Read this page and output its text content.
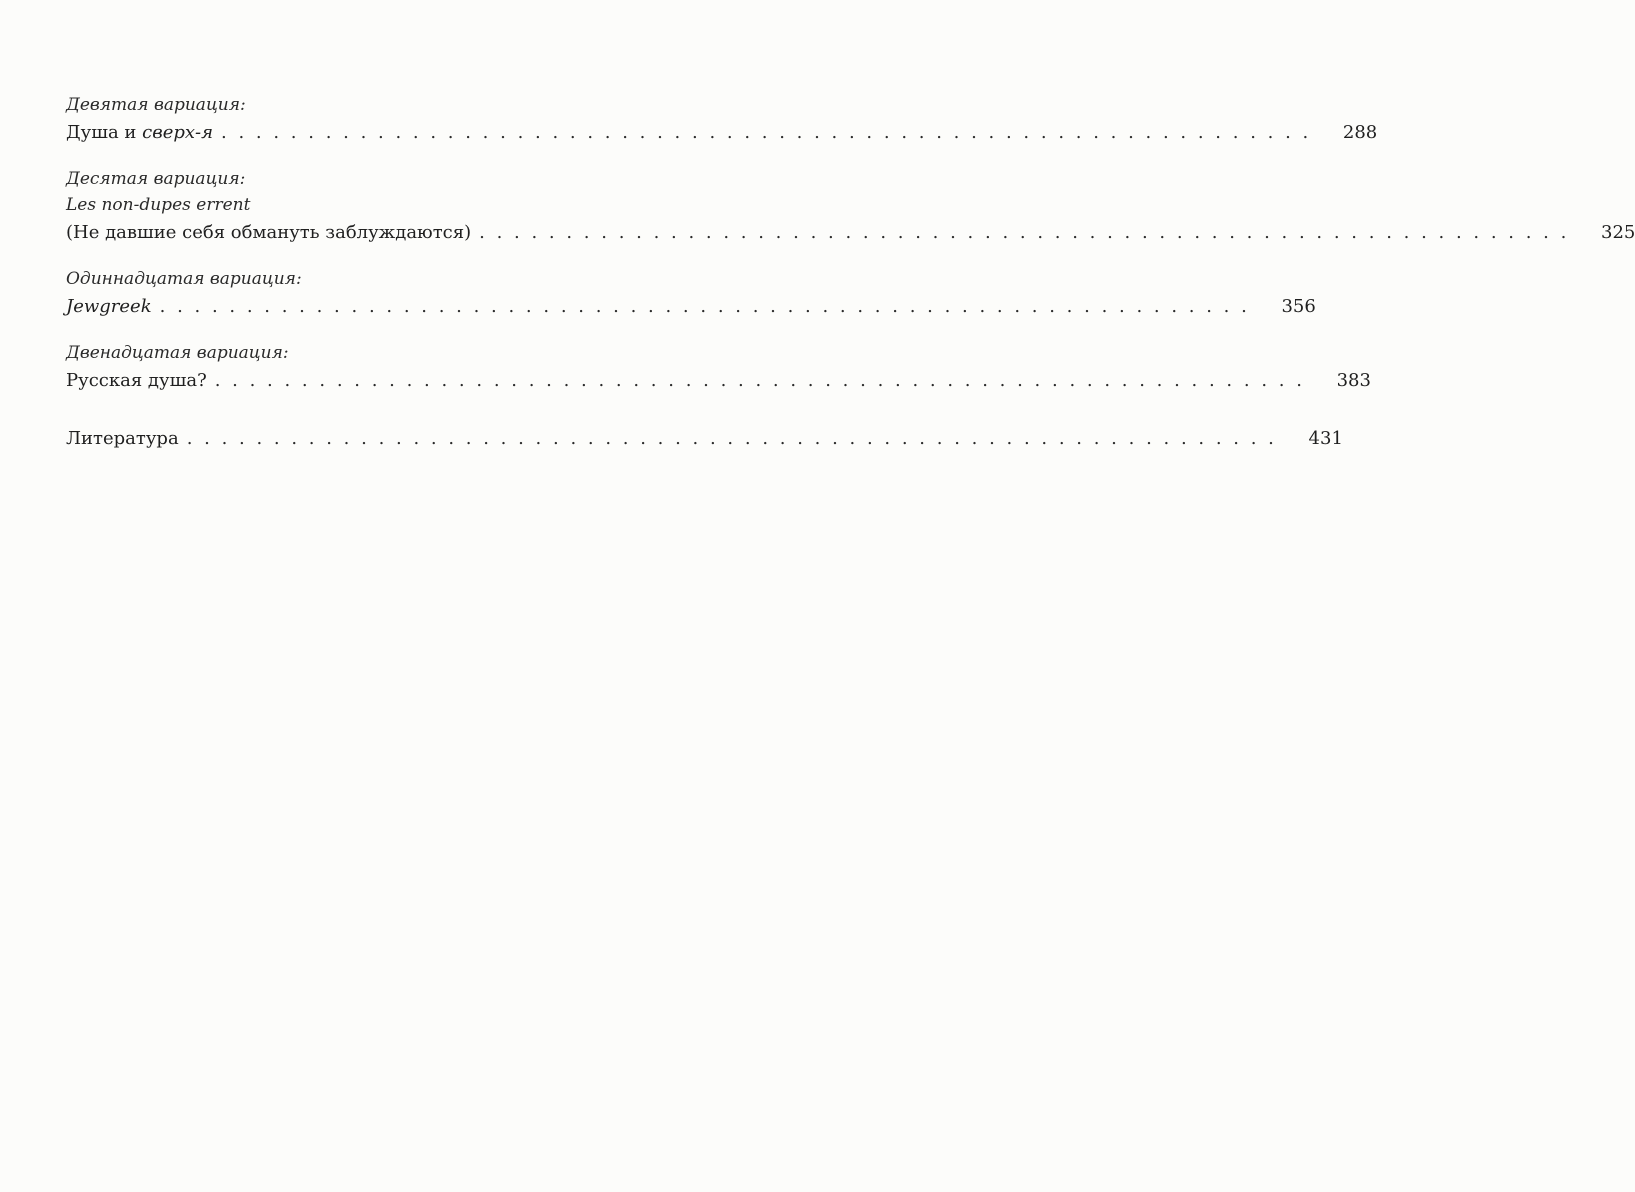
Девятая вариация:
Душа и сверх-я . . . . . . . . . . . . . . . . . . . . . . . . . . . . . . . . . . . . . . . . . . . . . . . . . . . . . . . . . . . . . . .	288
Десятая вариация:
Les non-dupes errent
(Не давшие себя обмануть заблуждаются) . . . . . . . . . . . . . . . . . . . . . . . . . . . . . . . . . . . . . . . . . . . . . . . . . . . . . . . . . . . . . . .	325
Одиннадцатая вариация:
Jewgreek . . . . . . . . . . . . . . . . . . . . . . . . . . . . . . . . . . . . . . . . . . . . . . . . . . . . . . . . . . . . . . .	356
Двенадцатая вариация:
Русская душа? . . . . . . . . . . . . . . . . . . . . . . . . . . . . . . . . . . . . . . . . . . . . . . . . . . . . . . . . . . . . . . .	383
Литература . . . . . . . . . . . . . . . . . . . . . . . . . . . . . . . . . . . . . . . . . . . . . . . . . . . . . . . . . . . . . . .	431
